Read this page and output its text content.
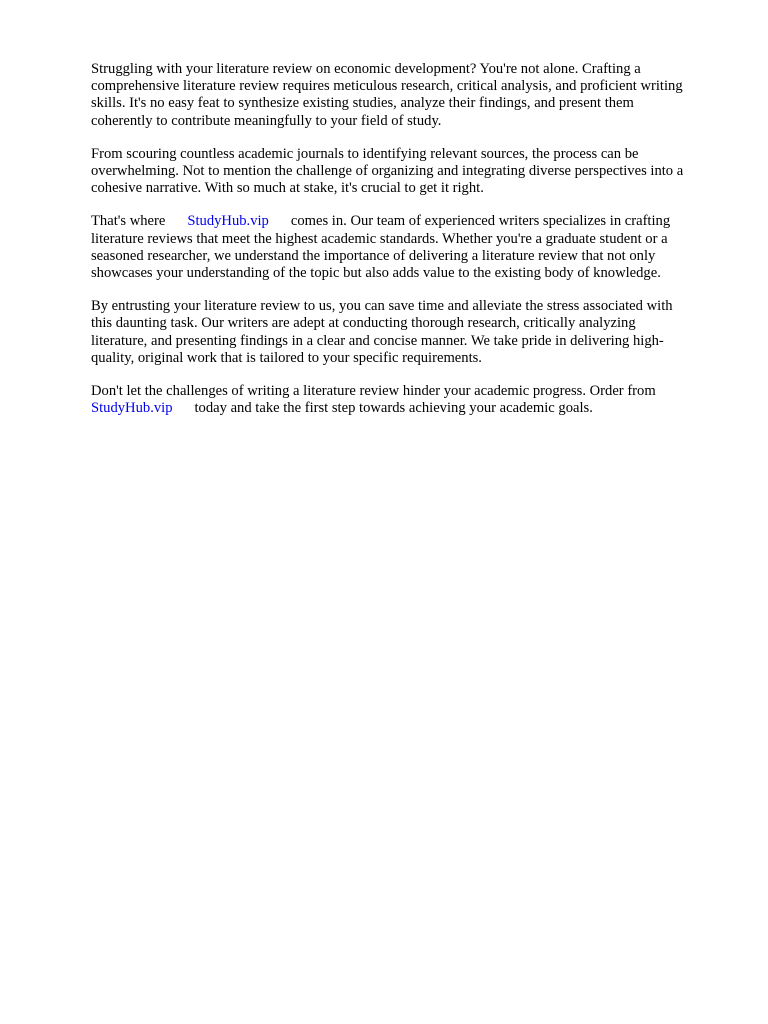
Struggling with your literature review on economic development? You're not alone. Crafting a
comprehensive literature review requires meticulous research, critical analysis, and proficient writing
skills. It's no easy feat to synthesize existing studies, analyze their findings, and present them
coherently to contribute meaningfully to your field of study.

From scouring countless academic journals to identifying relevant sources, the process can be
overwhelming. Not to mention the challenge of organizing and integrating diverse perspectives into a
cohesive narrative. With so much at stake, it's crucial to get it right.

That's where StudyHub.vip comes in. Our team of experienced writers specializes in crafting
literature reviews that meet the highest academic standards. Whether you're a graduate student or a
seasoned researcher, we understand the importance of delivering a literature review that not only
showcases your understanding of the topic but also adds value to the existing body of knowledge.

By entrusting your literature review to us, you can save time and alleviate the stress associated with
this daunting task. Our writers are adept at conducting thorough research, critically analyzing
literature, and presenting findings in a clear and concise manner. We take pride in delivering high-
quality, original work that is tailored to your specific requirements.

Don't let the challenges of writing a literature review hinder your academic progress. Order from
StudyHub.vip today and take the first step towards achieving your academic goals.
